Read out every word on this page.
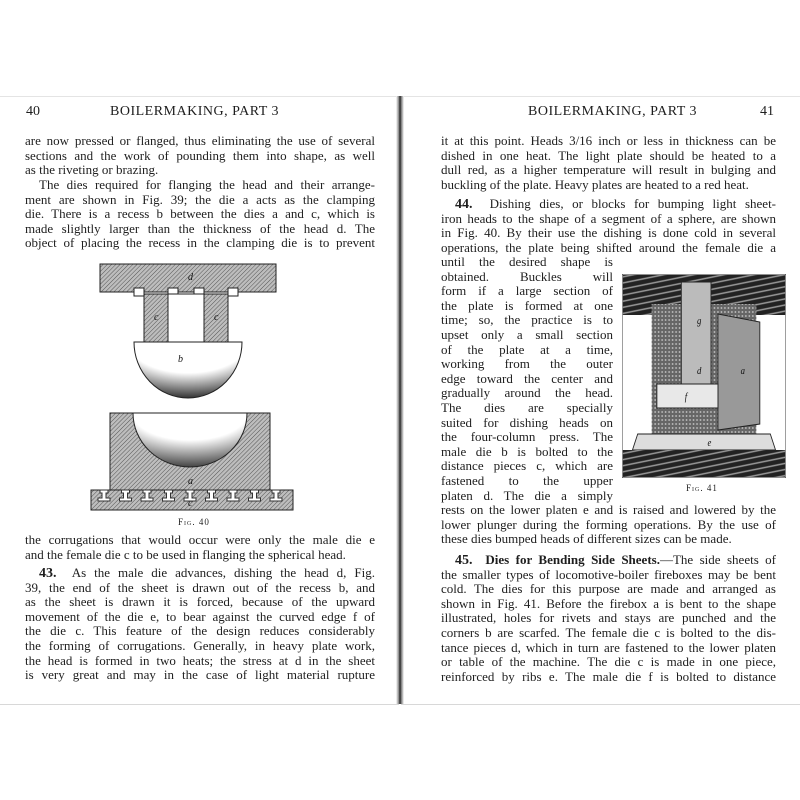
40	BOILERMAKING, PART 3
are now pressed or flanged, thus eliminating the use of several
sections and the work of pounding them into shape, as well
as the riveting or brazing.
The dies required for flanging the head and their arrange-
ment are shown in Fig. 39; the die a acts as the clamping
die. There is a recess b between the dies a and c, which is
made slightly larger than the thickness of the head d. The
object of placing the recess in the clamping die is to prevent
d
c	c
b
a
c
Fig. 40
the corrugations that would occur were only the male die e
and the female die c to be used in flanging the spherical head.
43. As the male die advances, dishing the head d, Fig.
39, the end of the sheet is drawn out of the recess b, and
as the sheet is drawn it is forced, because of the upward
movement of the die e, to bear against the curved edge f of
the die c. This feature of the design reduces considerably
the forming of corrugations. Generally, in heavy plate work,
the head is formed in two heats; the stress at d in the sheet
is very great and may in the case of light material rupture
BOILERMAKING, PART 3	41
it at this point. Heads 3/16 inch or less in thickness can be
dished in one heat. The light plate should be heated to a
dull red, as a higher temperature will result in bulging and
buckling of the plate. Heavy plates are heated to a red heat.
44. Dishing dies, or blocks for bumping light sheet-
iron heads to the shape of a segment of a sphere, are shown
in Fig. 40. By their use the dishing is done cold in several
operations, the plate being shifted around the female die a
until the desired shape is
obtained. Buckles will
form if a large section of
the plate is formed at one
time; so, the practice is to
upset only a small section
of the plate at a time,
working from the outer
edge toward the center and
gradually around the head.
The dies are specially
suited for dishing heads on
the four-column press. The
male die b is bolted to the
distance pieces c, which are
fastened to the upper
platen d. The die a simply
g
d
f
a
e
Fig. 41
rests on the lower platen e and is raised and lowered by the
lower plunger during the forming operations. By the use of
these dies bumped heads of different sizes can be made.
45. Dies for Bending Side Sheets.—The side sheets of
the smaller types of locomotive-boiler fireboxes may be bent
cold. The dies for this purpose are made and arranged as
shown in Fig. 41. Before the firebox a is bent to the shape
illustrated, holes for rivets and stays are punched and the
corners b are scarfed. The female die c is bolted to the dis-
tance pieces d, which in turn are fastened to the lower platen
or table of the machine. The die c is made in one piece,
reinforced by ribs e. The male die f is bolted to distance
